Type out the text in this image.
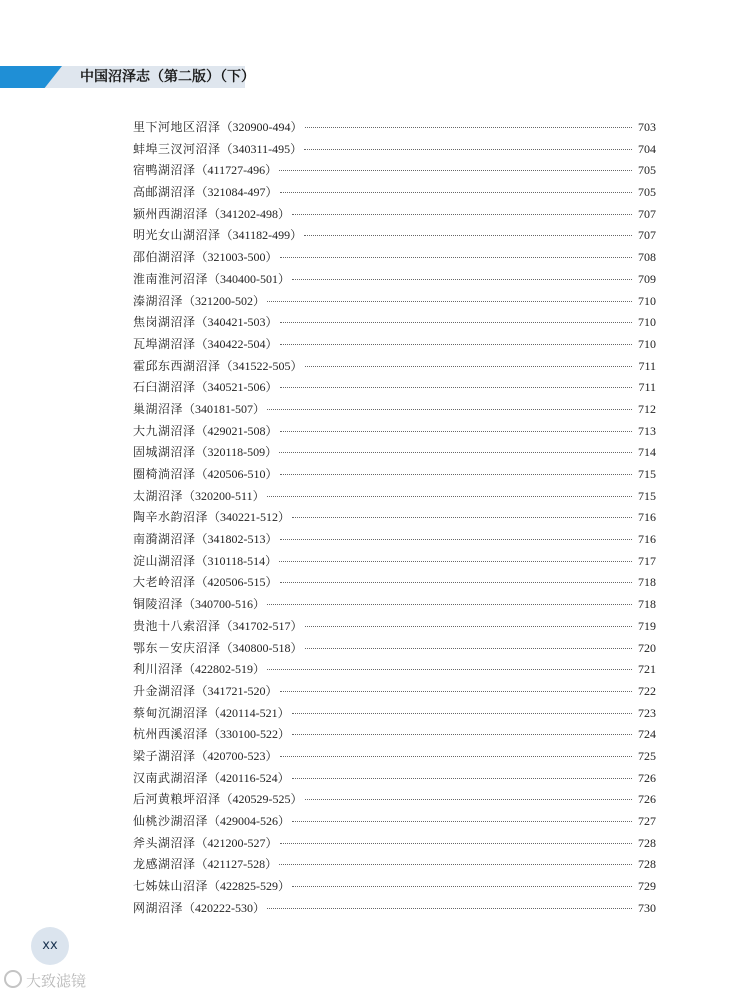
中国沼泽志（第二版）（下）
里下河地区沼泽 （320900-494）	703
蚌埠三汊河沼泽 （340311-495）	704
宿鸭湖沼泽 （411727-496）	705
高邮湖沼泽 （321084-497）	705
颍州西湖沼泽 （341202-498）	707
明光女山湖沼泽 （341182-499）	707
邵伯湖沼泽 （321003-500）	708
淮南淮河沼泽 （340400-501）	709
溱湖沼泽 （321200-502）	710
焦岗湖沼泽 （340421-503）	710
瓦埠湖沼泽 （340422-504）	710
霍邱东西湖沼泽 （341522-505）	711
石臼湖沼泽 （340521-506）	711
巢湖沼泽 （340181-507）	712
大九湖沼泽 （429021-508）	713
固城湖沼泽 （320118-509）	714
圈椅淌沼泽 （420506-510）	715
太湖沼泽 （320200-511）	715
陶辛水韵沼泽 （340221-512）	716
南漪湖沼泽 （341802-513）	716
淀山湖沼泽 （310118-514）	717
大老岭沼泽 （420506-515）	718
铜陵沼泽 （340700-516）	718
贵池十八索沼泽 （341702-517）	719
鄂东－安庆沼泽 （340800-518）	720
利川沼泽 （422802-519）	721
升金湖沼泽 （341721-520）	722
蔡甸沉湖沼泽 （420114-521）	723
杭州西溪沼泽 （330100-522）	724
梁子湖沼泽 （420700-523）	725
汉南武湖沼泽 （420116-524）	726
后河黄粮坪沼泽 （420529-525）	726
仙桃沙湖沼泽 （429004-526）	727
斧头湖沼泽 （421200-527）	728
龙感湖沼泽 （421127-528）	728
七姊妹山沼泽 （422825-529）	729
网湖沼泽 （420222-530）	730
xx
大致滤镜
